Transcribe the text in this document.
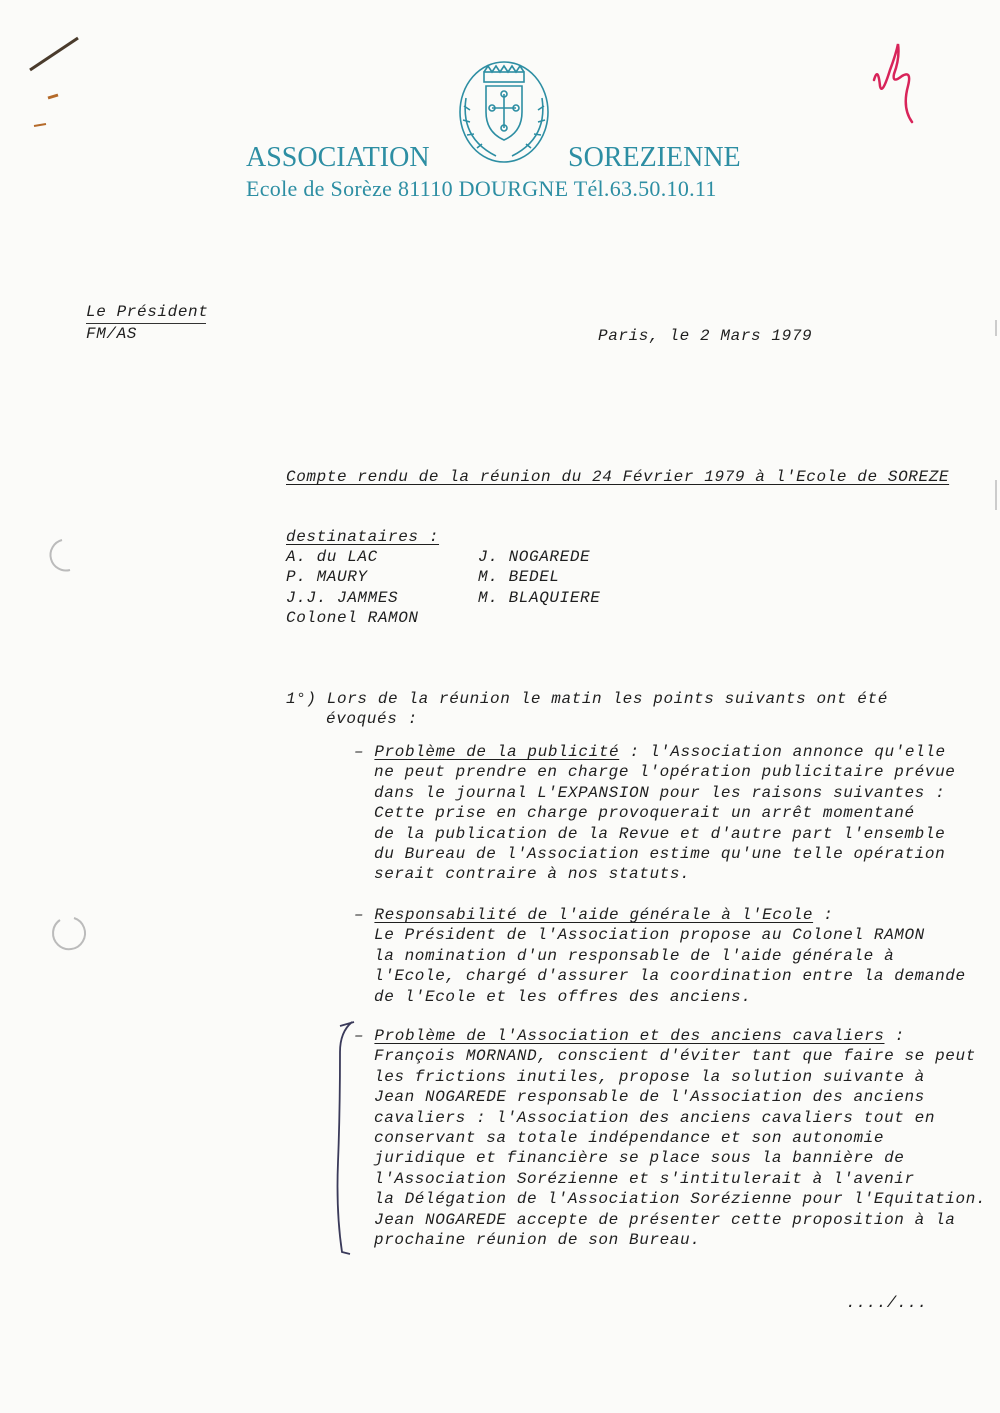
ASSOCIATION	SOREZIENNE
Ecole de Sorèze 81110 DOURGNE Tél.63.50.10.11
Le Président
FM/AS	Paris, le 2 Mars 1979
Compte rendu de la réunion du 24 Février 1979 à l'Ecole de SOREZE
destinataires :
A. du LAC
P. MAURY
J.J. JAMMES
Colonel RAMON
J. NOGAREDE
M. BEDEL
M. BLAQUIERE
1°) Lors de la réunion le matin les points suivants ont été
évoqués :
– Problème de la publicité : l'Association annonce qu'elle
ne peut prendre en charge l'opération publicitaire prévue
dans le journal L'EXPANSION pour les raisons suivantes :
Cette prise en charge provoquerait un arrêt momentané
de la publication de la Revue et d'autre part l'ensemble
du Bureau de l'Association estime qu'une telle opération
serait contraire à nos statuts.
– Responsabilité de l'aide générale à l'Ecole :
Le Président de l'Association propose au Colonel RAMON
la nomination d'un responsable de l'aide générale à
l'Ecole, chargé d'assurer la coordination entre la demande
de l'Ecole et les offres des anciens.
– Problème de l'Association et des anciens cavaliers :
François MORNAND, conscient d'éviter tant que faire se peut
les frictions inutiles, propose la solution suivante à
Jean NOGAREDE responsable de l'Association des anciens
cavaliers : l'Association des anciens cavaliers tout en
conservant sa totale indépendance et son autonomie
juridique et financière se place sous la bannière de
l'Association Sorézienne et s'intitulerait à l'avenir
la Délégation de l'Association Sorézienne pour l'Equitation.
Jean NOGAREDE accepte de présenter cette proposition à la
prochaine réunion de son Bureau.
..../...
